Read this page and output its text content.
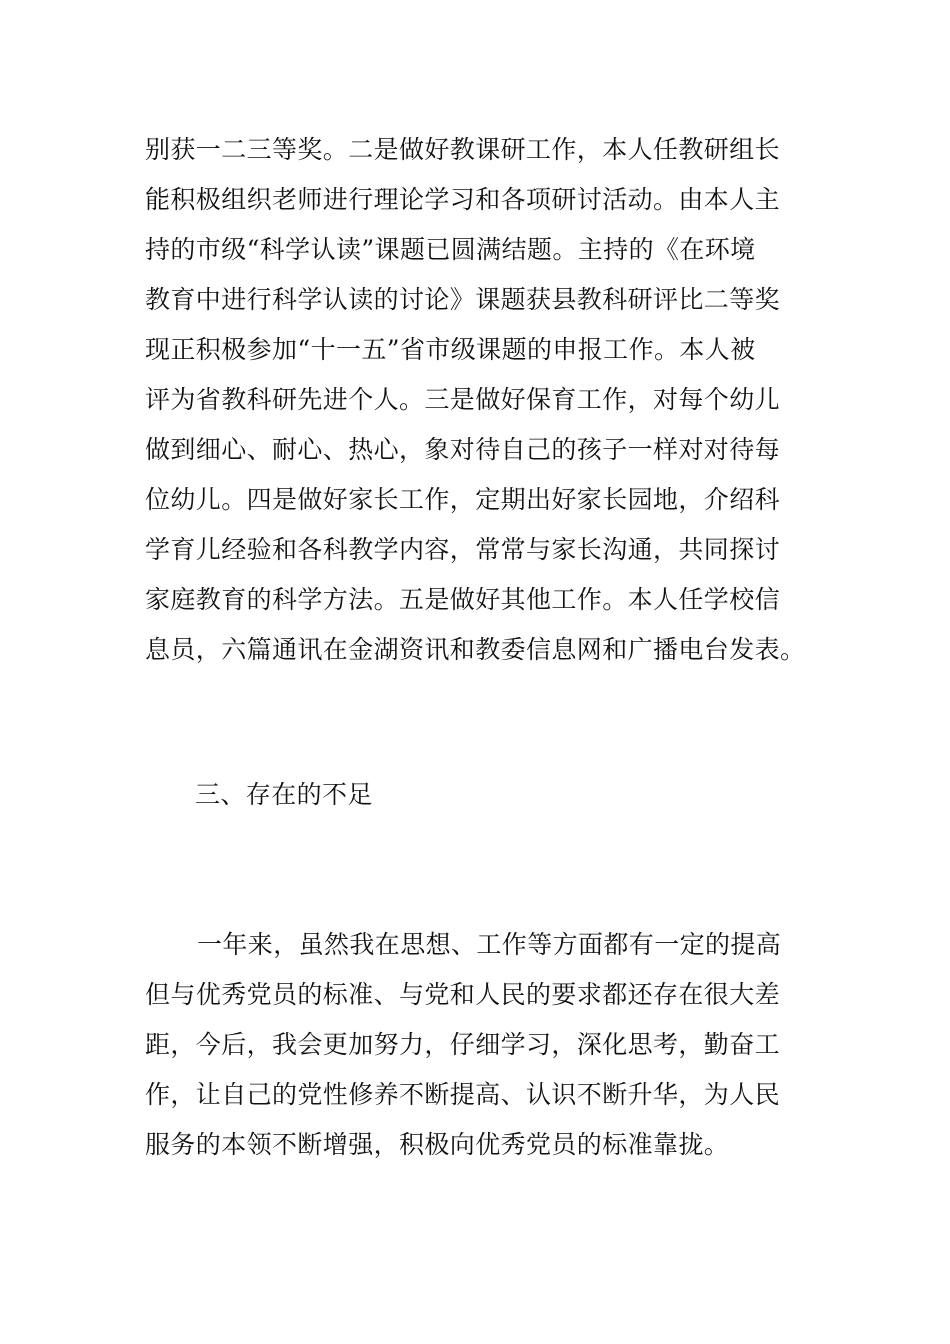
别获一二三等奖。二是做好教课研工作，本人任教研组长
能积极组织老师进行理论学习和各项研讨活动。由本人主
持的市级“科学认读”课题已圆满结题。主持的《在环境
教育中进行科学认读的讨论》课题获县教科研评比二等奖
现正积极参加“十一五”省市级课题的申报工作。本人被
评为省教科研先进个人。三是做好保育工作，对每个幼儿
做到细心、耐心、热心，象对待自己的孩子一样对对待每
位幼儿。四是做好家长工作，定期出好家长园地，介绍科
学育儿经验和各科教学内容，常常与家长沟通，共同探讨
家庭教育的科学方法。五是做好其他工作。本人任学校信
息员，六篇通讯在金湖资讯和教委信息网和广播电台发表。
三、存在的不足
一年来，虽然我在思想、工作等方面都有一定的提高
但与优秀党员的标准、与党和人民的要求都还存在很大差
距，今后，我会更加努力，仔细学习，深化思考，勤奋工
作，让自己的党性修养不断提高、认识不断升华，为人民
服务的本领不断增强，积极向优秀党员的标准靠拢。
